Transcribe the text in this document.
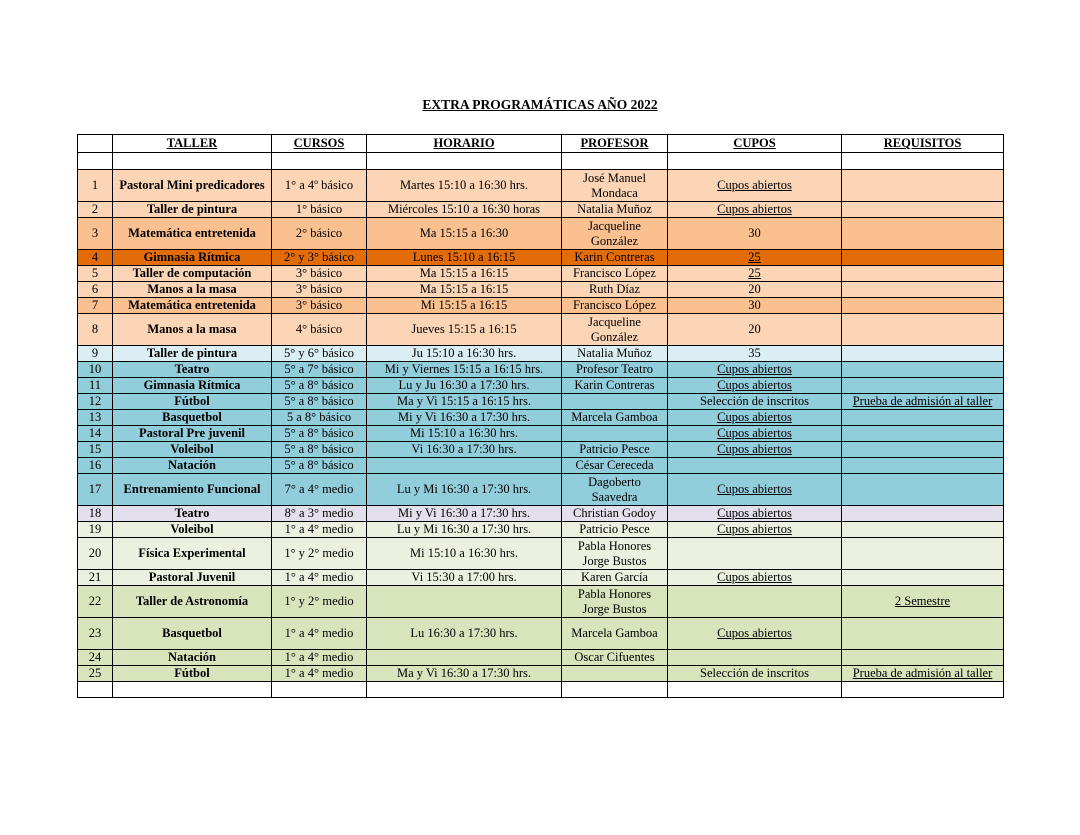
EXTRA PROGRAMÁTICAS AÑO 2022
	TALLER	CURSOS	HORARIO	PROFESOR	CUPOS	REQUISITOS

1	Pastoral Mini predicadores	1° a 4º básico	Martes 15:10 a 16:30 hrs.	José Manuel Mondaca	Cupos abiertos	
2	Taller de pintura	1° básico	Miércoles 15:10 a 16:30 horas	Natalia Muñoz	Cupos abiertos	
3	Matemática entretenida	2° básico	Ma 15:15 a 16:30	Jacqueline González	30	
4	Gimnasia Rítmica	2° y 3° básico	Lunes 15:10 a 16:15	Karin Contreras	25	
5	Taller de computación	3° básico	Ma 15:15 a 16:15	Francisco López	25	
6	Manos a la masa	3° básico	Ma 15:15 a 16:15	Ruth Díaz	20	
7	Matemática entretenida	3° básico	Mi 15:15 a 16:15	Francisco López	30	
8	Manos a la masa	4° básico	Jueves 15:15 a 16:15	Jacqueline González	20	
9	Taller de pintura	5° y 6° básico	Ju 15:10 a 16:30 hrs.	Natalia Muñoz	35	
10	Teatro	5° a 7° básico	Mi y Viernes 15:15 a 16:15 hrs.	Profesor Teatro	Cupos abiertos	
11	Gimnasia Rítmica	5° a 8° básico	Lu y Ju 16:30 a 17:30 hrs.	Karin Contreras	Cupos abiertos	
12	Fútbol	5° a 8° básico	Ma y Vi 15:15 a 16:15 hrs.		Selección de inscritos	Prueba de admisión al taller
13	Basquetbol	5 a 8° básico	Mi y Vi 16:30 a 17:30 hrs.	Marcela Gamboa	Cupos abiertos	
14	Pastoral Pre juvenil	5° a 8° básico	Mi 15:10 a 16:30 hrs.		Cupos abiertos	
15	Voleibol	5° a 8° básico	Vi 16:30 a 17:30 hrs.	Patricio Pesce	Cupos abiertos	
16	Natación	5° a 8° básico		César Cereceda		
17	Entrenamiento Funcional	7° a 4° medio	Lu y Mi 16:30 a 17:30 hrs.	Dagoberto Saavedra	Cupos abiertos	
18	Teatro	8° a 3° medio	Mi y Vi 16:30 a 17:30 hrs.	Christian Godoy	Cupos abiertos	
19	Voleibol	1° a 4° medio	Lu y Mi 16:30 a 17:30 hrs.	Patricio Pesce	Cupos abiertos	
20	Física Experimental	1° y 2° medio	Mi 15:10 a 16:30 hrs.	Pabla Honores Jorge Bustos		
21	Pastoral Juvenil	1° a 4° medio	Vi 15:30 a 17:00 hrs.	Karen García	Cupos abiertos	
22	Taller de Astronomía	1° y 2° medio		Pabla Honores Jorge Bustos		2 Semestre
23	Basquetbol	1° a 4° medio	Lu 16:30 a 17:30 hrs.	Marcela Gamboa	Cupos abiertos	
24	Natación	1° a 4° medio		Oscar Cifuentes		
25	Fútbol	1° a 4° medio	Ma y Vi 16:30 a 17:30 hrs.		Selección de inscritos	Prueba de admisión al taller
